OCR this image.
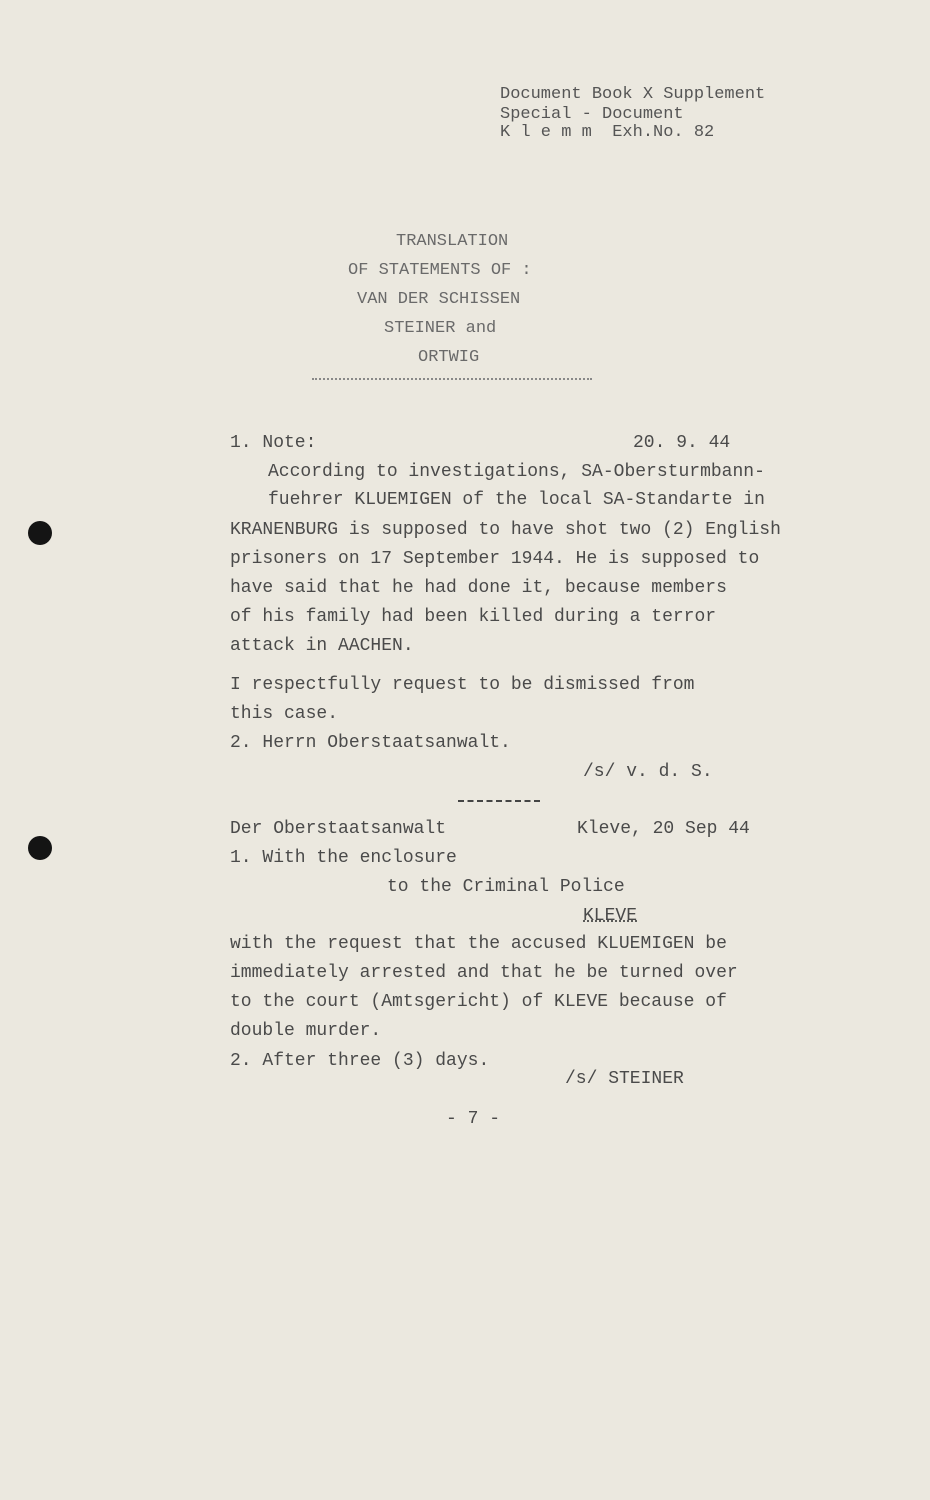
Document Book X Supplement
Special - Document
K l e m m  Exh.No. 82
TRANSLATION
OF STATEMENTS OF :
VAN DER SCHISSEN
STEINER and
ORTWIG
1. Note:	20. 9. 44
According to investigations, SA-Obersturmbann-
fuehrer KLUEMIGEN of the local SA-Standarte in
KRANENBURG is supposed to have shot two (2) English
prisoners on 17 September 1944. He is supposed to
have said that he had done it, because members
of his family had been killed during a terror
attack in AACHEN.
I respectfully request to be dismissed from
this case.
2. Herrn Oberstaatsanwalt.
/s/ v. d. S.
Der Oberstaatsanwalt	Kleve, 20 Sep 44
1. With the enclosure
to the Criminal Police
KLEVE
with the request that the accused KLUEMIGEN be
immediately arrested and that he be turned over
to the court (Amtsgericht) of KLEVE because of
double murder.
2. After three (3) days.
/s/ STEINER
- 7 -
